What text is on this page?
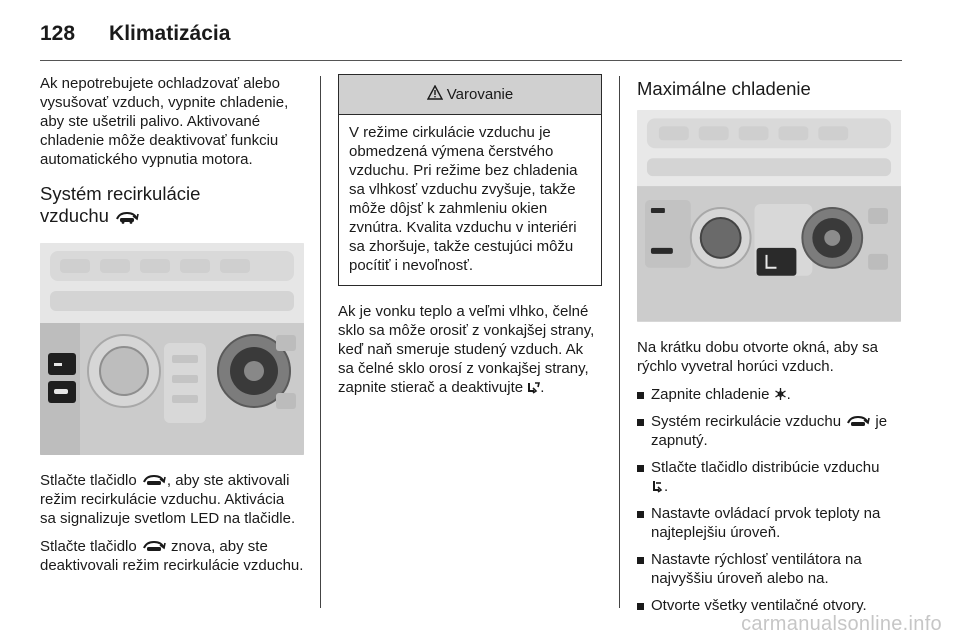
128 Klimatizácia

Ak nepotrebujete ochladzovať alebo vysušovať vzduch, vypnite chladenie, aby ste ušetrili palivo. Aktivované chladenie môže deaktivovať funkciu automatického vypnutia motora.

Systém recirkulácie
vzduchu

Stlačte tlačidlo , aby ste aktivovali režim recirkulácie vzduchu. Aktivácia sa signalizuje svetlom LED na tlačidle.

Stlačte tlačidlo  znova, aby ste deaktivovali režim recirkulácie vzduchu.

Varovanie

V režime cirkulácie vzduchu je obmedzená výmena čerstvého vzduchu. Pri režime bez chladenia sa vlhkosť vzduchu zvyšuje, takže môže dôjsť k zahmleniu okien zvnútra. Kvalita vzduchu v interiéri sa zhoršuje, takže cestujúci môžu pocítiť i nevoľnosť.

Ak je vonku teplo a veľmi vlhko, čelné sklo sa môže orosiť z vonkajšej strany, keď naň smeruje studený vzduch. Ak sa čelné sklo orosí z vonkajšej strany, zapnite stierač a deaktivujte .

Maximálne chladenie

Na krátku dobu otvorte okná, aby sa rýchlo vyvetral horúci vzduch.

Zapnite chladenie .
Systém recirkulácie vzduchu  je zapnutý.
Stlačte tlačidlo distribúcie vzduchu
.
Nastavte ovládací prvok teploty na najteplejšiu úroveň.
Nastavte rýchlosť ventilátora na najvyššiu úroveň alebo na.
Otvorte všetky ventilačné otvory.
carmanualsonline.info
